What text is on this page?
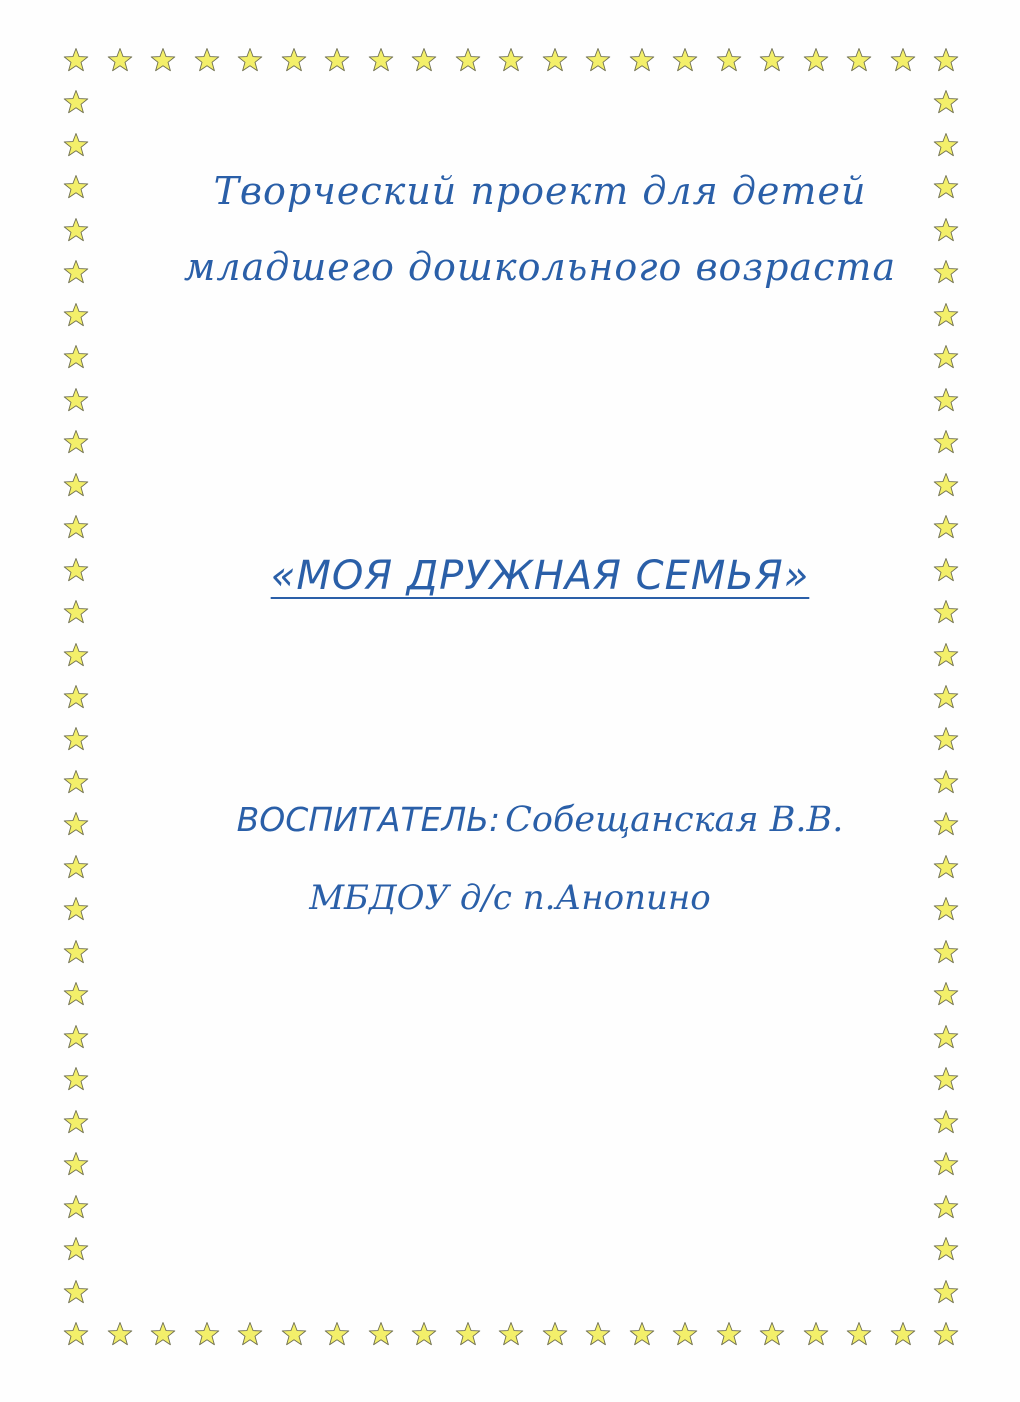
Творческий проект для детей
младшего дошкольного возраста
«МОЯ ДРУЖНАЯ СЕМЬЯ»
ВОСПИТАТЕЛЬ: Собещанская В.В.
МБДОУ д/с п.Анопино
